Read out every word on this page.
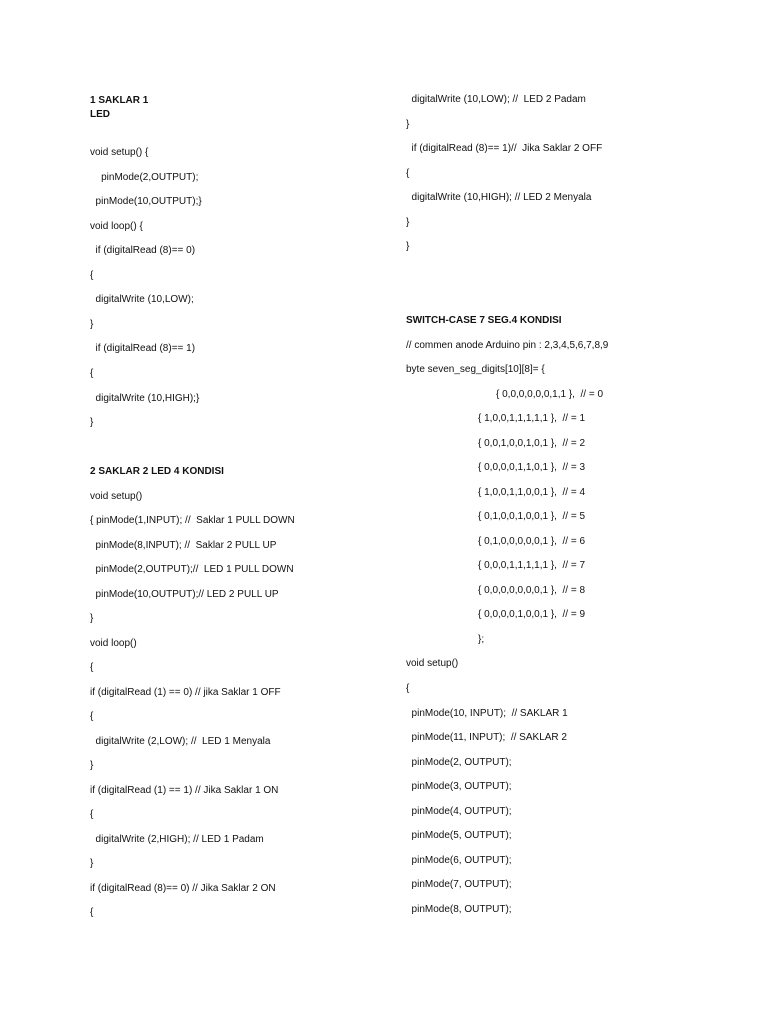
1 SAKLAR 1
LED
void setup() {
pinMode(2,OUTPUT);
pinMode(10,OUTPUT);}
void loop() {
if (digitalRead (8)== 0)
{
digitalWrite (10,LOW);
}
if (digitalRead (8)== 1)
{
digitalWrite (10,HIGH);}
}
2 SAKLAR 2 LED 4 KONDISI
void setup()
{ pinMode(1,INPUT); //  Saklar 1 PULL DOWN
pinMode(8,INPUT); //  Saklar 2 PULL UP
pinMode(2,OUTPUT);//  LED 1 PULL DOWN
pinMode(10,OUTPUT);// LED 2 PULL UP
}
void loop()
{
if (digitalRead (1) == 0) // jika Saklar 1 OFF
{
digitalWrite (2,LOW); //  LED 1 Menyala
}
if (digitalRead (1) == 1) // Jika Saklar 1 ON
{
digitalWrite (2,HIGH); // LED 1 Padam
}
if (digitalRead (8)== 0) // Jika Saklar 2 ON
{
digitalWrite (10,LOW); //  LED 2 Padam
}
if (digitalRead (8)== 1)//  Jika Saklar 2 OFF
{
digitalWrite (10,HIGH); // LED 2 Menyala
}
}
SWITCH-CASE 7 SEG.4 KONDISI
// commen anode Arduino pin : 2,3,4,5,6,7,8,9
byte seven_seg_digits[10][8]= {
{ 0,0,0,0,0,0,1,1 },  // = 0
{ 1,0,0,1,1,1,1,1 },  // = 1
{ 0,0,1,0,0,1,0,1 },  // = 2
{ 0,0,0,0,1,1,0,1 },  // = 3
{ 1,0,0,1,1,0,0,1 },  // = 4
{ 0,1,0,0,1,0,0,1 },  // = 5
{ 0,1,0,0,0,0,0,1 },  // = 6
{ 0,0,0,1,1,1,1,1 },  // = 7
{ 0,0,0,0,0,0,0,1 },  // = 8
{ 0,0,0,0,1,0,0,1 },  // = 9
};
void setup()
{
pinMode(10, INPUT);  // SAKLAR 1
pinMode(11, INPUT);  // SAKLAR 2
pinMode(2, OUTPUT);
pinMode(3, OUTPUT);
pinMode(4, OUTPUT);
pinMode(5, OUTPUT);
pinMode(6, OUTPUT);
pinMode(7, OUTPUT);
pinMode(8, OUTPUT);
